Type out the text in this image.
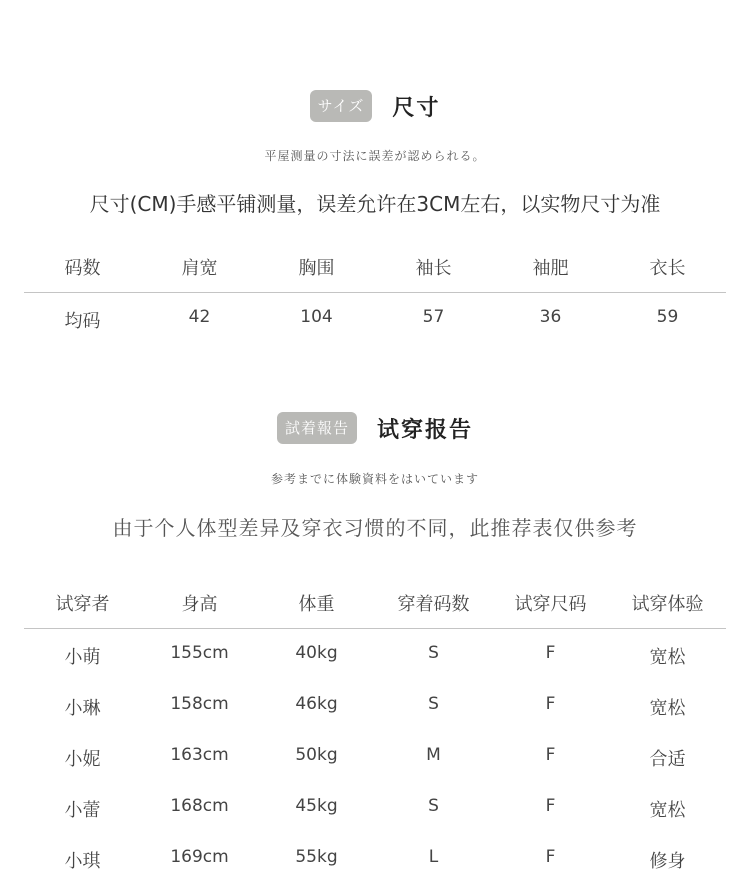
サイズ	尺寸
平屋测量の寸法に誤差が認められる。
尺寸(CM)手感平铺测量，误差允许在3CM左右，以实物尺寸为准
码数	肩宽	胸围	袖长	袖肥	衣长
均码	42	104	57	36	59
試着報告	试穿报告
参考までに体験資料をはいています
由于个人体型差异及穿衣习惯的不同，此推荐表仅供参考
试穿者	身高	体重	穿着码数	试穿尺码	试穿体验
小萌	155cm	40kg	S	F	宽松
小琳	158cm	46kg	S	F	宽松
小妮	163cm	50kg	M	F	合适
小蕾	168cm	45kg	S	F	宽松
小琪	169cm	55kg	L	F	修身
